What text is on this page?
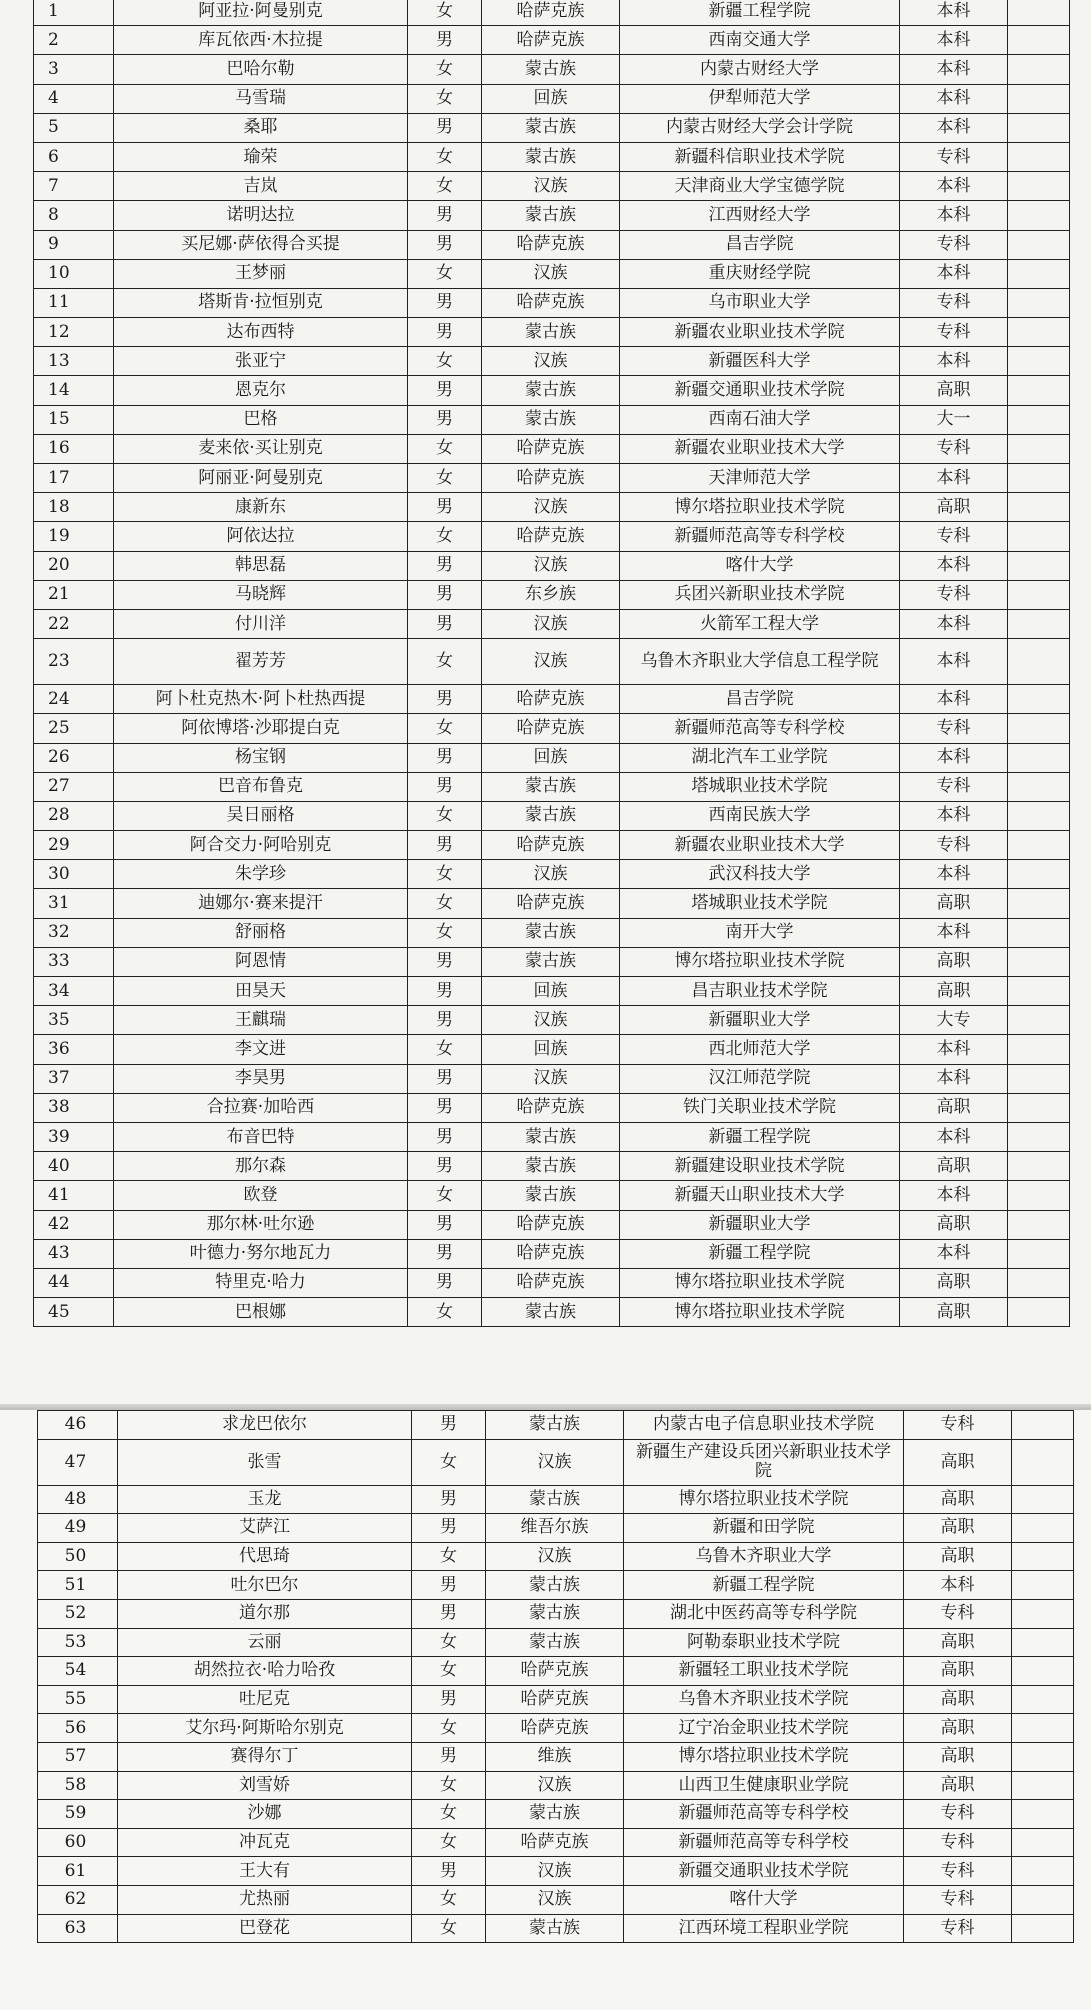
1	阿亚拉·阿曼别克	女	哈萨克族	新疆工程学院	本科	
2	库瓦依西·木拉提	男	哈萨克族	西南交通大学	本科	
3	巴哈尔勒	女	蒙古族	内蒙古财经大学	本科	
4	马雪瑞	女	回族	伊犁师范大学	本科	
5	桑耶	男	蒙古族	内蒙古财经大学会计学院	本科	
6	瑜荣	女	蒙古族	新疆科信职业技术学院	专科	
7	吉岚	女	汉族	天津商业大学宝德学院	本科	
8	诺明达拉	男	蒙古族	江西财经大学	本科	
9	买尼娜·萨依得合买提	男	哈萨克族	昌吉学院	专科	
10	王梦丽	女	汉族	重庆财经学院	本科	
11	塔斯肯·拉恒别克	男	哈萨克族	乌市职业大学	专科	
12	达布西特	男	蒙古族	新疆农业职业技术学院	专科	
13	张亚宁	女	汉族	新疆医科大学	本科	
14	恩克尔	男	蒙古族	新疆交通职业技术学院	高职	
15	巴格	男	蒙古族	西南石油大学	大一	
16	麦来依·买让别克	女	哈萨克族	新疆农业职业技术大学	专科	
17	阿丽亚·阿曼别克	女	哈萨克族	天津师范大学	本科	
18	康新东	男	汉族	博尔塔拉职业技术学院	高职	
19	阿依达拉	女	哈萨克族	新疆师范高等专科学校	专科	
20	韩思磊	男	汉族	喀什大学	本科	
21	马晓辉	男	东乡族	兵团兴新职业技术学院	专科	
22	付川洋	男	汉族	火箭军工程大学	本科	
23	翟芳芳	女	汉族	乌鲁木齐职业大学信息工程学院	本科	
24	阿卜杜克热木·阿卜杜热西提	男	哈萨克族	昌吉学院	本科	
25	阿依博塔·沙耶提白克	女	哈萨克族	新疆师范高等专科学校	专科	
26	杨宝钢	男	回族	湖北汽车工业学院	本科	
27	巴音布鲁克	男	蒙古族	塔城职业技术学院	专科	
28	吴日丽格	女	蒙古族	西南民族大学	本科	
29	阿合交力·阿哈别克	男	哈萨克族	新疆农业职业技术大学	专科	
30	朱学珍	女	汉族	武汉科技大学	本科	
31	迪娜尔·赛来提汗	女	哈萨克族	塔城职业技术学院	高职	
32	舒丽格	女	蒙古族	南开大学	本科	
33	阿恩情	男	蒙古族	博尔塔拉职业技术学院	高职	
34	田昊天	男	回族	昌吉职业技术学院	高职	
35	王麒瑞	男	汉族	新疆职业大学	大专	
36	李文进	女	回族	西北师范大学	本科	
37	李昊男	男	汉族	汉江师范学院	本科	
38	合拉赛·加哈西	男	哈萨克族	铁门关职业技术学院	高职	
39	布音巴特	男	蒙古族	新疆工程学院	本科	
40	那尔森	男	蒙古族	新疆建设职业技术学院	高职	
41	欧登	女	蒙古族	新疆天山职业技术大学	本科	
42	那尔林·吐尔逊	男	哈萨克族	新疆职业大学	高职	
43	叶德力·努尔地瓦力	男	哈萨克族	新疆工程学院	本科	
44	特里克·哈力	男	哈萨克族	博尔塔拉职业技术学院	高职	
45	巴根娜	女	蒙古族	博尔塔拉职业技术学院	高职	
46	求龙巴依尔	男	蒙古族	内蒙古电子信息职业技术学院	专科	
47	张雪	女	汉族	新疆生产建设兵团兴新职业技术学院	高职	
48	玉龙	男	蒙古族	博尔塔拉职业技术学院	高职	
49	艾萨江	男	维吾尔族	新疆和田学院	高职	
50	代思琦	女	汉族	乌鲁木齐职业大学	高职	
51	吐尔巴尔	男	蒙古族	新疆工程学院	本科	
52	道尔那	男	蒙古族	湖北中医药高等专科学院	专科	
53	云丽	女	蒙古族	阿勒泰职业技术学院	高职	
54	胡然拉衣·哈力哈孜	女	哈萨克族	新疆轻工职业技术学院	高职	
55	吐尼克	男	哈萨克族	乌鲁木齐职业技术学院	高职	
56	艾尔玛·阿斯哈尔别克	女	哈萨克族	辽宁冶金职业技术学院	高职	
57	赛得尔丁	男	维族	博尔塔拉职业技术学院	高职	
58	刘雪娇	女	汉族	山西卫生健康职业学院	高职	
59	沙娜	女	蒙古族	新疆师范高等专科学校	专科	
60	冲瓦克	女	哈萨克族	新疆师范高等专科学校	专科	
61	王大有	男	汉族	新疆交通职业技术学院	专科	
62	尤热丽	女	汉族	喀什大学	专科	
63	巴登花	女	蒙古族	江西环境工程职业学院	专科	
